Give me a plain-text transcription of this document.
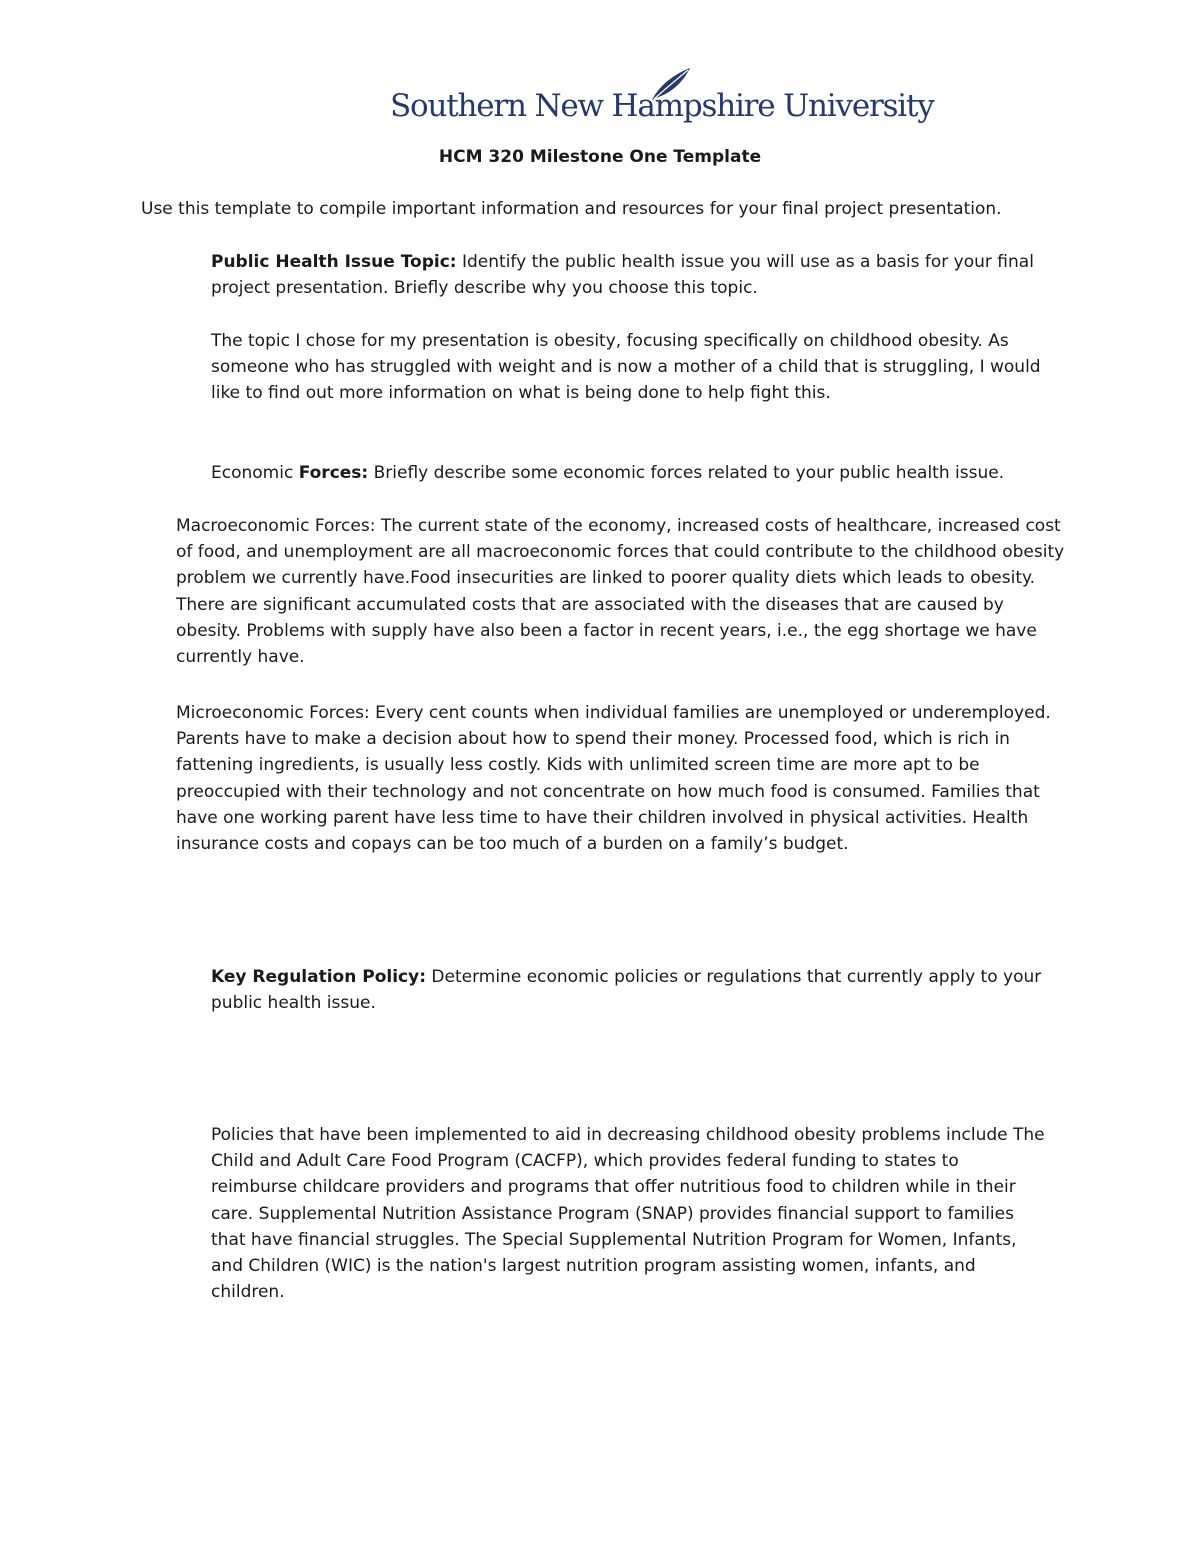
Southern New Hampshire University
HCM 320 Milestone One Template

Use this template to compile important information and resources for your final project presentation.

Public Health Issue Topic: Identify the public health issue you will use as a basis for your final project presentation. Briefly describe why you choose this topic.

The topic I chose for my presentation is obesity, focusing specifically on childhood obesity. As someone who has struggled with weight and is now a mother of a child that is struggling, I would like to find out more information on what is being done to help fight this.

Economic Forces: Briefly describe some economic forces related to your public health issue.

Macroeconomic Forces: The current state of the economy, increased costs of healthcare, increased cost of food, and unemployment are all macroeconomic forces that could contribute to the childhood obesity problem we currently have.Food insecurities are linked to poorer quality diets which leads to obesity. There are significant accumulated costs that are associated with the diseases that are caused by obesity. Problems with supply have also been a factor in recent years, i.e., the egg shortage we have currently have.

Microeconomic Forces: Every cent counts when individual families are unemployed or underemployed. Parents have to make a decision about how to spend their money. Processed food, which is rich in fattening ingredients, is usually less costly. Kids with unlimited screen time are more apt to be preoccupied with their technology and not concentrate on how much food is consumed. Families that have one working parent have less time to have their children involved in physical activities. Health insurance costs and copays can be too much of a burden on a family’s budget.

Key Regulation Policy: Determine economic policies or regulations that currently apply to your public health issue.

Policies that have been implemented to aid in decreasing childhood obesity problems include The Child and Adult Care Food Program (CACFP), which provides federal funding to states to reimburse childcare providers and programs that offer nutritious food to children while in their care. Supplemental Nutrition Assistance Program (SNAP) provides financial support to families that have financial struggles. The Special Supplemental Nutrition Program for Women, Infants, and Children (WIC) is the nation's largest nutrition program assisting women, infants, and children.
